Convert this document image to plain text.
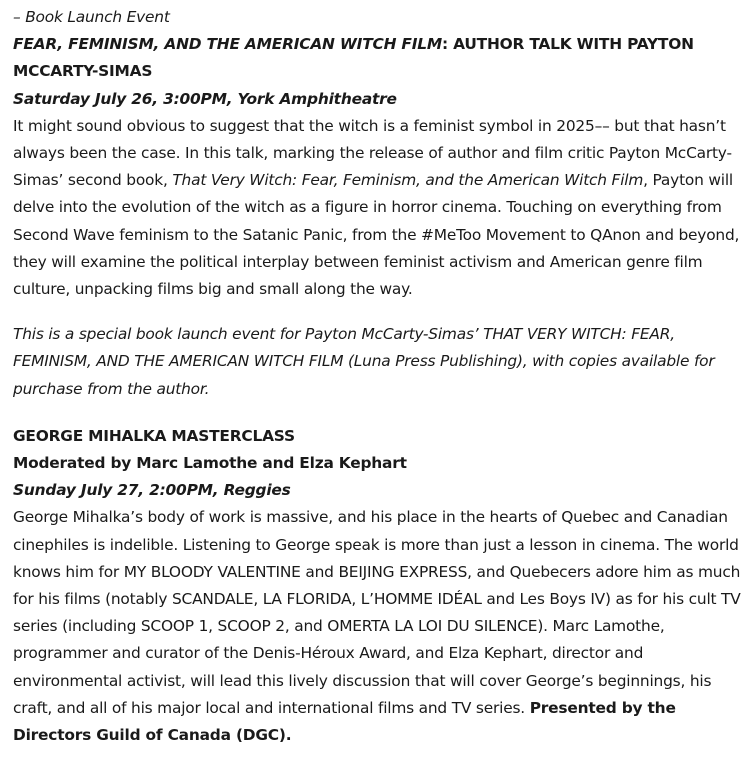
– Book Launch Event

FEAR, FEMINISM, AND THE AMERICAN WITCH FILM: AUTHOR TALK WITH PAYTON MCCARTY-SIMAS

Saturday July 26, 3:00PM, York Amphitheatre

It might sound obvious to suggest that the witch is a feminist symbol in 2025–– but that hasn’t always been the case. In this talk, marking the release of author and film critic Payton McCarty-Simas’ second book, That Very Witch: Fear, Feminism, and the American Witch Film, Payton will delve into the evolution of the witch as a figure in horror cinema. Touching on everything from Second Wave feminism to the Satanic Panic, from the #MeToo Movement to QAnon and beyond, they will examine the political interplay between feminist activism and American genre film culture, unpacking films big and small along the way.

This is a special book launch event for Payton McCarty-Simas’ THAT VERY WITCH: FEAR, FEMINISM, AND THE AMERICAN WITCH FILM (Luna Press Publishing), with copies available for purchase from the author.

GEORGE MIHALKA MASTERCLASS

Moderated by Marc Lamothe and Elza Kephart

Sunday July 27, 2:00PM, Reggies

George Mihalka’s body of work is massive, and his place in the hearts of Quebec and Canadian cinephiles is indelible. Listening to George speak is more than just a lesson in cinema. The world knows him for MY BLOODY VALENTINE and BEIJING EXPRESS, and Quebecers adore him as much for his films (notably SCANDALE, LA FLORIDA, L’HOMME IDÉAL and Les Boys IV) as for his cult TV series (including SCOOP 1, SCOOP 2, and OMERTA LA LOI DU SILENCE). Marc Lamothe, programmer and curator of the Denis-Héroux Award, and Elza Kephart, director and environmental activist, will lead this lively discussion that will cover George’s beginnings, his craft, and all of his major local and international films and TV series. Presented by the Directors Guild of Canada (DGC).
